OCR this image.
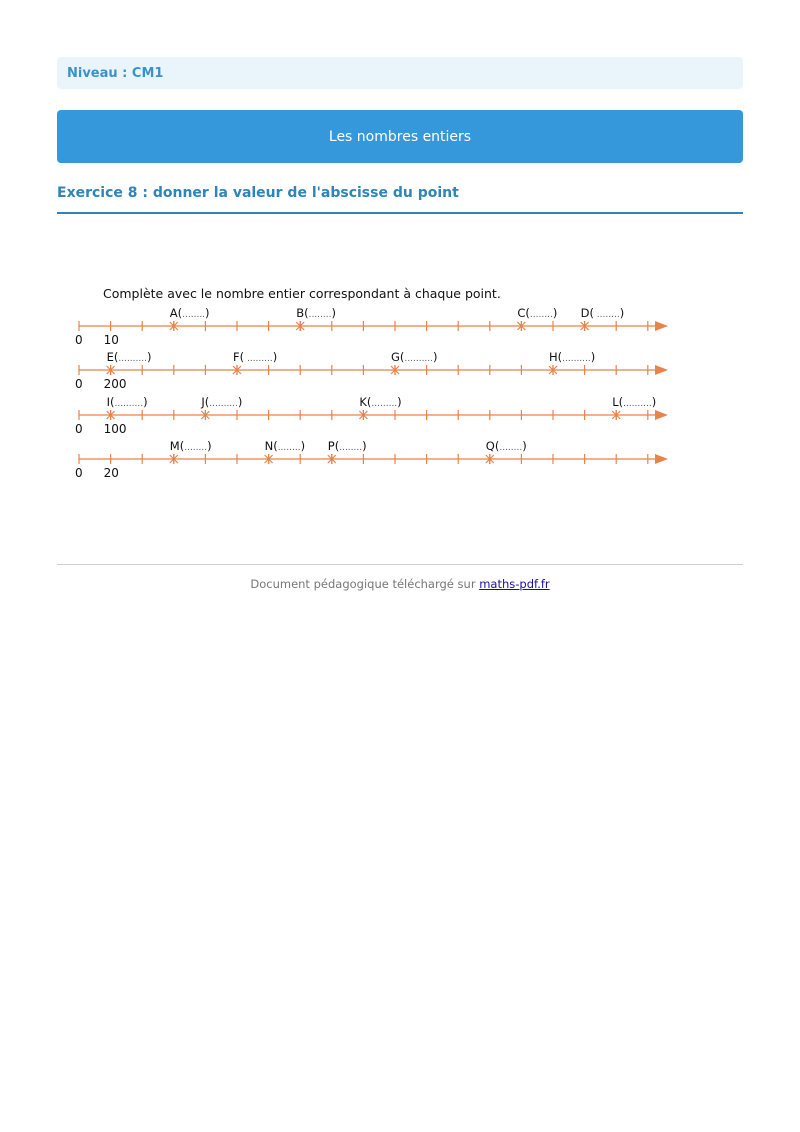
Niveau : CM1
Les nombres entiers
Exercice 8 : donner la valeur de l'abscisse du point
Complète avec le nombre entier correspondant à chaque point.
0 10
A(........)	B(........)	C(........) D( ........)
0 200
E(..........)	F( .........)	G(..........)	H(..........)
0 100
I(..........)	J(..........)	K(.........)	L(..........)
0 20
M(........)	N(........) P(........)	Q(........)
Document pédagogique téléchargé sur maths-pdf.fr
